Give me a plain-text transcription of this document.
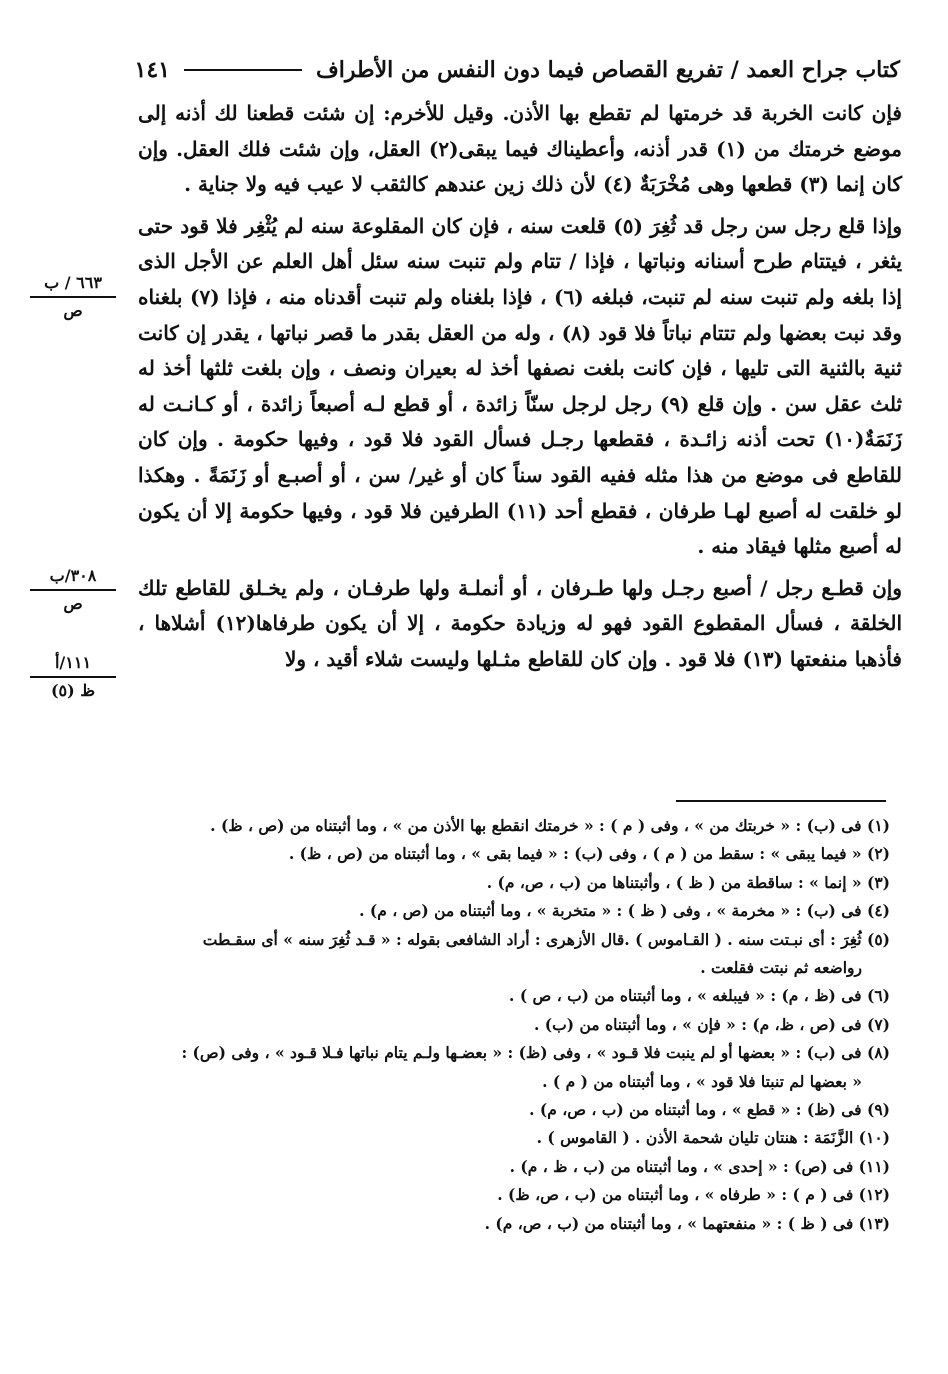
كتاب جراح العمد / تفريع القصاص فيما دون النفس من الأطراف
١٤١

فإن كانت الخربة قد خرمتها لم تقطع بها الأذن. وقيل للأخرم: إن شئت قطعنا لك أذنه إلى موضع خرمتك من (١) قدر أذنه، وأعطيناك فيما يبقى(٢) العقل، وإن شئت فلك العقل. وإن كان إنما (٣) قطعها وهى مُخْرَبَةٌ (٤) لأن ذلك زين عندهم كالثقب لا عيب فيه ولا جناية .

وإذا قلع رجل سن رجل قد ثُغِرَ (٥) قلعت سنه ، فإن كان المقلوعة سنه لم يُثْغِر فلا قود حتى يثغر ، فيتتام طرح أسنانه ونباتها ، فإذا / تتام ولم تنبت سنه سئل أهل العلم عن الأجل الذى إذا بلغه ولم تنبت سنه لم تنبت، فبلغه (٦) ، فإذا بلغناه ولم تنبت أقدناه منه ، فإذا (٧) بلغناه وقد نبت بعضها ولم تتتام نباتاً فلا قود (٨) ، وله من العقل بقدر ما قصر نباتها ، يقدر إن كانت ثنية بالثنية التى تليها ، فإن كانت بلغت نصفها أخذ له بعيران ونصف ، وإن بلغت ثلثها أخذ له ثلث عقل سن . وإن قلع (٩) رجل لرجل سنّاً زائدة ، أو قطع لـه أصبعاً زائدة ، أو كـانـت له زَنَمَةٌ(١٠) تحت أذنه زائـدة ، فقطعها رجـل فسأل القود فلا قود ، وفيها حكومة . وإن كان للقاطع فى موضع من هذا مثله ففيه القود سناً كان أو غير/ سن ، أو أصبـع أو زَنَمَةً . وهكذا لو خلقت له أصبع لهـا طرفان ، فقطع أحد (١١) الطرفين فلا قود ، وفيها حكومة إلا أن يكون له أصبع مثلها فيقاد منه .

وإن قطـع رجل / أصبع رجـل ولها طـرفان ، أو أنملـة ولها طرفـان ، ولم يخـلق للقاطع تلك الخلقة ، فسأل المقطوع القود فهو له وزيادة حكومة ، إلا أن يكون طرفاها(١٢) أشلاها ، فأذهبا منفعتها (١٣) فلا قود . وإن كان للقاطع مثـلها وليست شلاء أقيد ، ولا

٦٦٣ / ب
ص
٣٠٨/ب
ص
١١١/أ
ظ (٥)

(١) فى (ب) : « خربتك من » ، وفى ( م ) : « خرمتك انقطع بها الأذن من » ، وما أثبتناه من (ص ، ظ) .

(٢) « فيما يبقى » : سقط من ( م ) ، وفى (ب) : « فيما بقى » ، وما أثبتناه من (ص ، ظ) .

(٣) « إنما » : ساقطة من ( ظ ) ، وأثبتناها من (ب ، ص، م) .

(٤) فى (ب) : « مخرمة » ، وفى ( ظ ) : « متخربة » ، وما أثبتناه من (ص ، م) .

(٥) ثُغِرَ : أى نبـتت سنه . ( القـاموس ) .قال الأزهرى : أراد الشافعى بقوله : « قـد ثُغِرَ سنه » أى سقـطت

رواضعه ثم نبتت فقلعت .

(٦) فى (ظ ، م) : « فيبلغه » ، وما أثبتناه من (ب ، ص ) .

(٧) فى (ص ، ظ، م) : « فإن » ، وما أثبتناه من (ب) .

(٨) فى (ب) : « بعضها أو لم ينبت فلا قـود » ، وفى (ظ) : « بعضـها ولـم يتام نباتها فـلا قـود » ، وفى (ص) :

« بعضها لم تنبتا فلا قود » ، وما أثبتناه من ( م ) .

(٩) فى (ظ) : « قطع » ، وما أثبتناه من (ب ، ص، م) .

(١٠) الزَّنَمَة : هنتان تليان شحمة الأذن . ( القاموس ) .

(١١) فى (ص) : « إحدى » ، وما أثبتناه من (ب ، ظ ، م) .

(١٢) فى ( م ) : « طرفاه » ، وما أثبتناه من (ب ، ص، ظ) .

(١٣) فى ( ظ ) : « منفعتهما » ، وما أثبتناه من (ب ، ص، م) .
